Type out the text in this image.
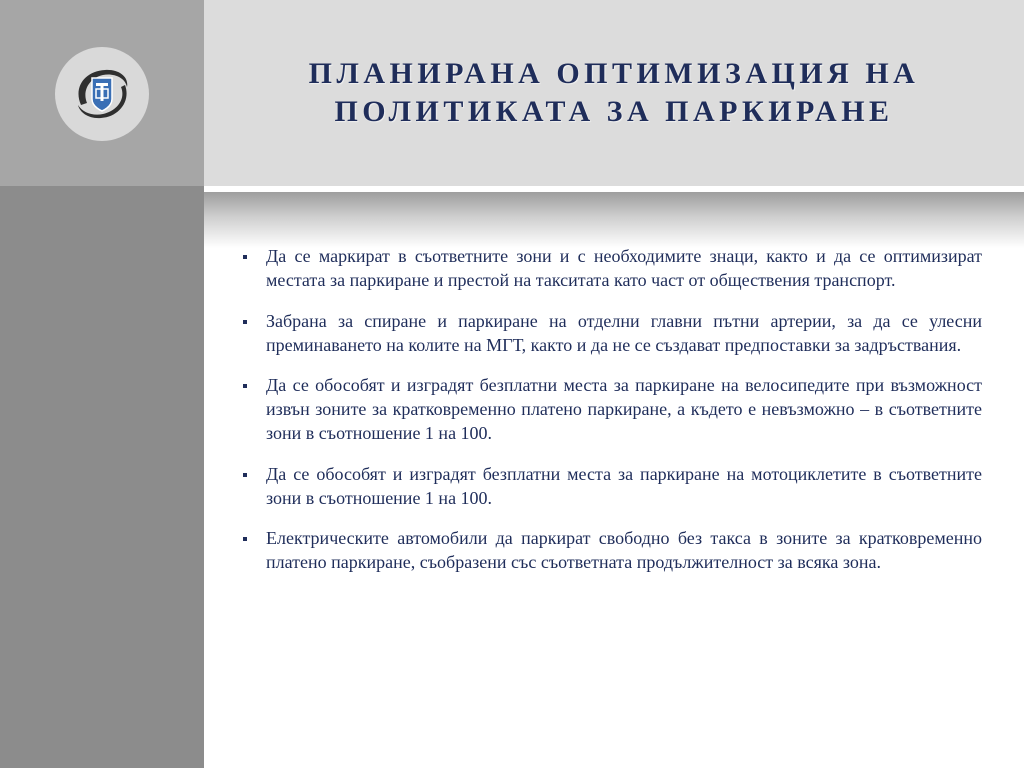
ПЛАНИРАНА ОПТИМИЗАЦИЯ НА
ПОЛИТИКАТА ЗА ПАРКИРАНЕ
Да се маркират в съответните зони и с необходимите знаци, както и да се оптимизират местата за паркиране и престой на такситата като част от обществения транспорт.
Забрана за спиране и паркиране на отделни главни пътни артерии, за да се улесни преминаването на колите на МГТ, както и да не се създават предпоставки за задръствания.
Да се обособят и изградят безплатни места за паркиране на велосипедите при възможност извън зоните за кратковременно платено паркиране, а където е невъзможно – в съответните зони в съотношение 1 на 100.
Да се обособят и изградят безплатни места за паркиране на мотоциклетите в съответните зони в съотношение 1 на 100.
Електрическите автомобили да паркират свободно без такса в зоните за кратковременно платено паркиране, съобразени със съответната продължителност за всяка зона.
